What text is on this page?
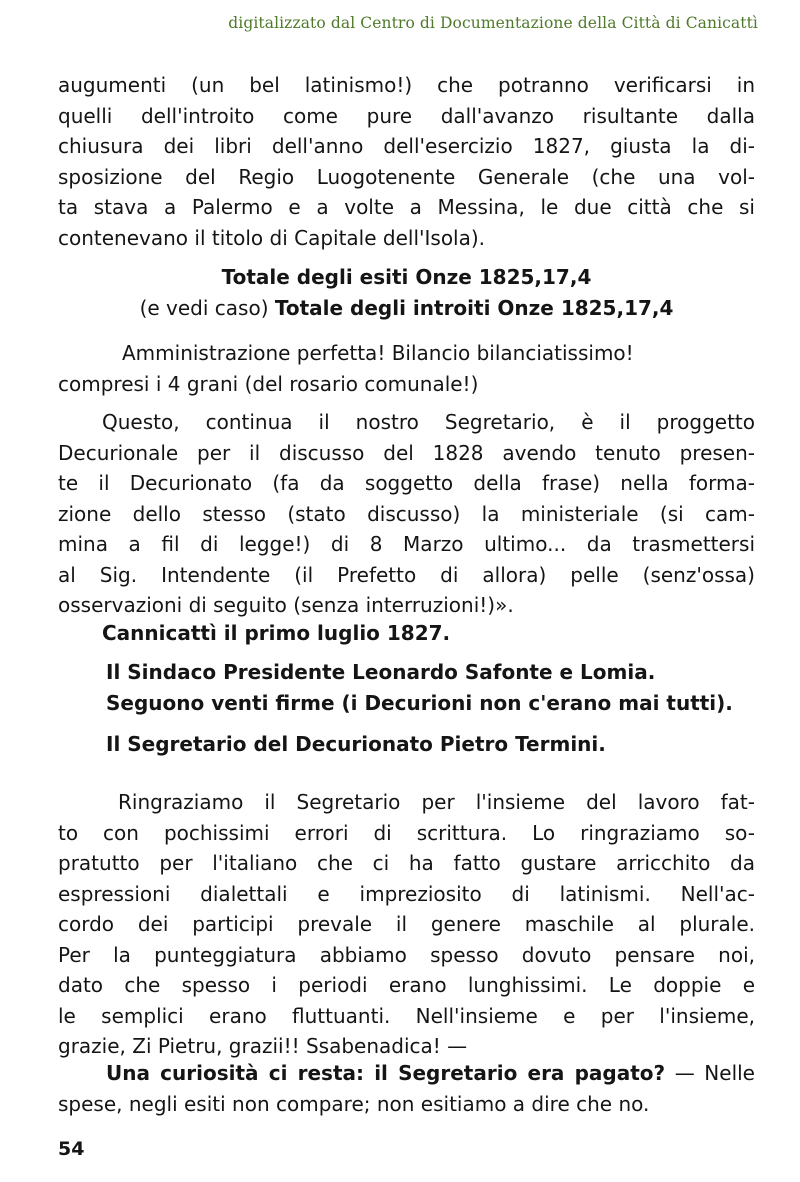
digitalizzato dal Centro di Documentazione della Città di Canicattì
augumenti (un bel latinismo!) che potranno verificarsi in
quelli dell'introito come pure dall'avanzo risultante dalla
chiusura dei libri dell'anno dell'esercizio 1827, giusta la di-
sposizione del Regio Luogotenente Generale (che una vol-
ta stava a Palermo e a volte a Messina, le due città che si
contenevano il titolo di Capitale dell'Isola).
Totale degli esiti Onze 1825,17,4
(e vedi caso) Totale degli introiti Onze 1825,17,4
Amministrazione perfetta! Bilancio bilanciatissimo!
compresi i 4 grani (del rosario comunale!)
Questo, continua il nostro Segretario, è il proggetto
Decurionale per il discusso del 1828 avendo tenuto presen-
te il Decurionato (fa da soggetto della frase) nella forma-
zione dello stesso (stato discusso) la ministeriale (si cam-
mina a fil di legge!) di 8 Marzo ultimo... da trasmettersi
al Sig. Intendente (il Prefetto di allora) pelle (senz'ossa)
osservazioni di seguito (senza interruzioni!)».
Cannicattì il primo luglio 1827.
Il Sindaco Presidente Leonardo Safonte e Lomia.
Seguono venti firme (i Decurioni non c'erano mai tutti).
Il Segretario del Decurionato Pietro Termini.
Ringraziamo il Segretario per l'insieme del lavoro fat-
to con pochissimi errori di scrittura. Lo ringraziamo so-
pratutto per l'italiano che ci ha fatto gustare arricchito da
espressioni dialettali e impreziosito di latinismi. Nell'ac-
cordo dei participi prevale il genere maschile al plurale.
Per la punteggiatura abbiamo spesso dovuto pensare noi,
dato che spesso i periodi erano lunghissimi. Le doppie e
le semplici erano fluttuanti. Nell'insieme e per l'insieme,
grazie, Zi Pietru, grazii!! Ssabenadica! —
Una curiosità ci resta: il Segretario era pagato? — Nelle
spese, negli esiti non compare; non esitiamo a dire che no.
54
